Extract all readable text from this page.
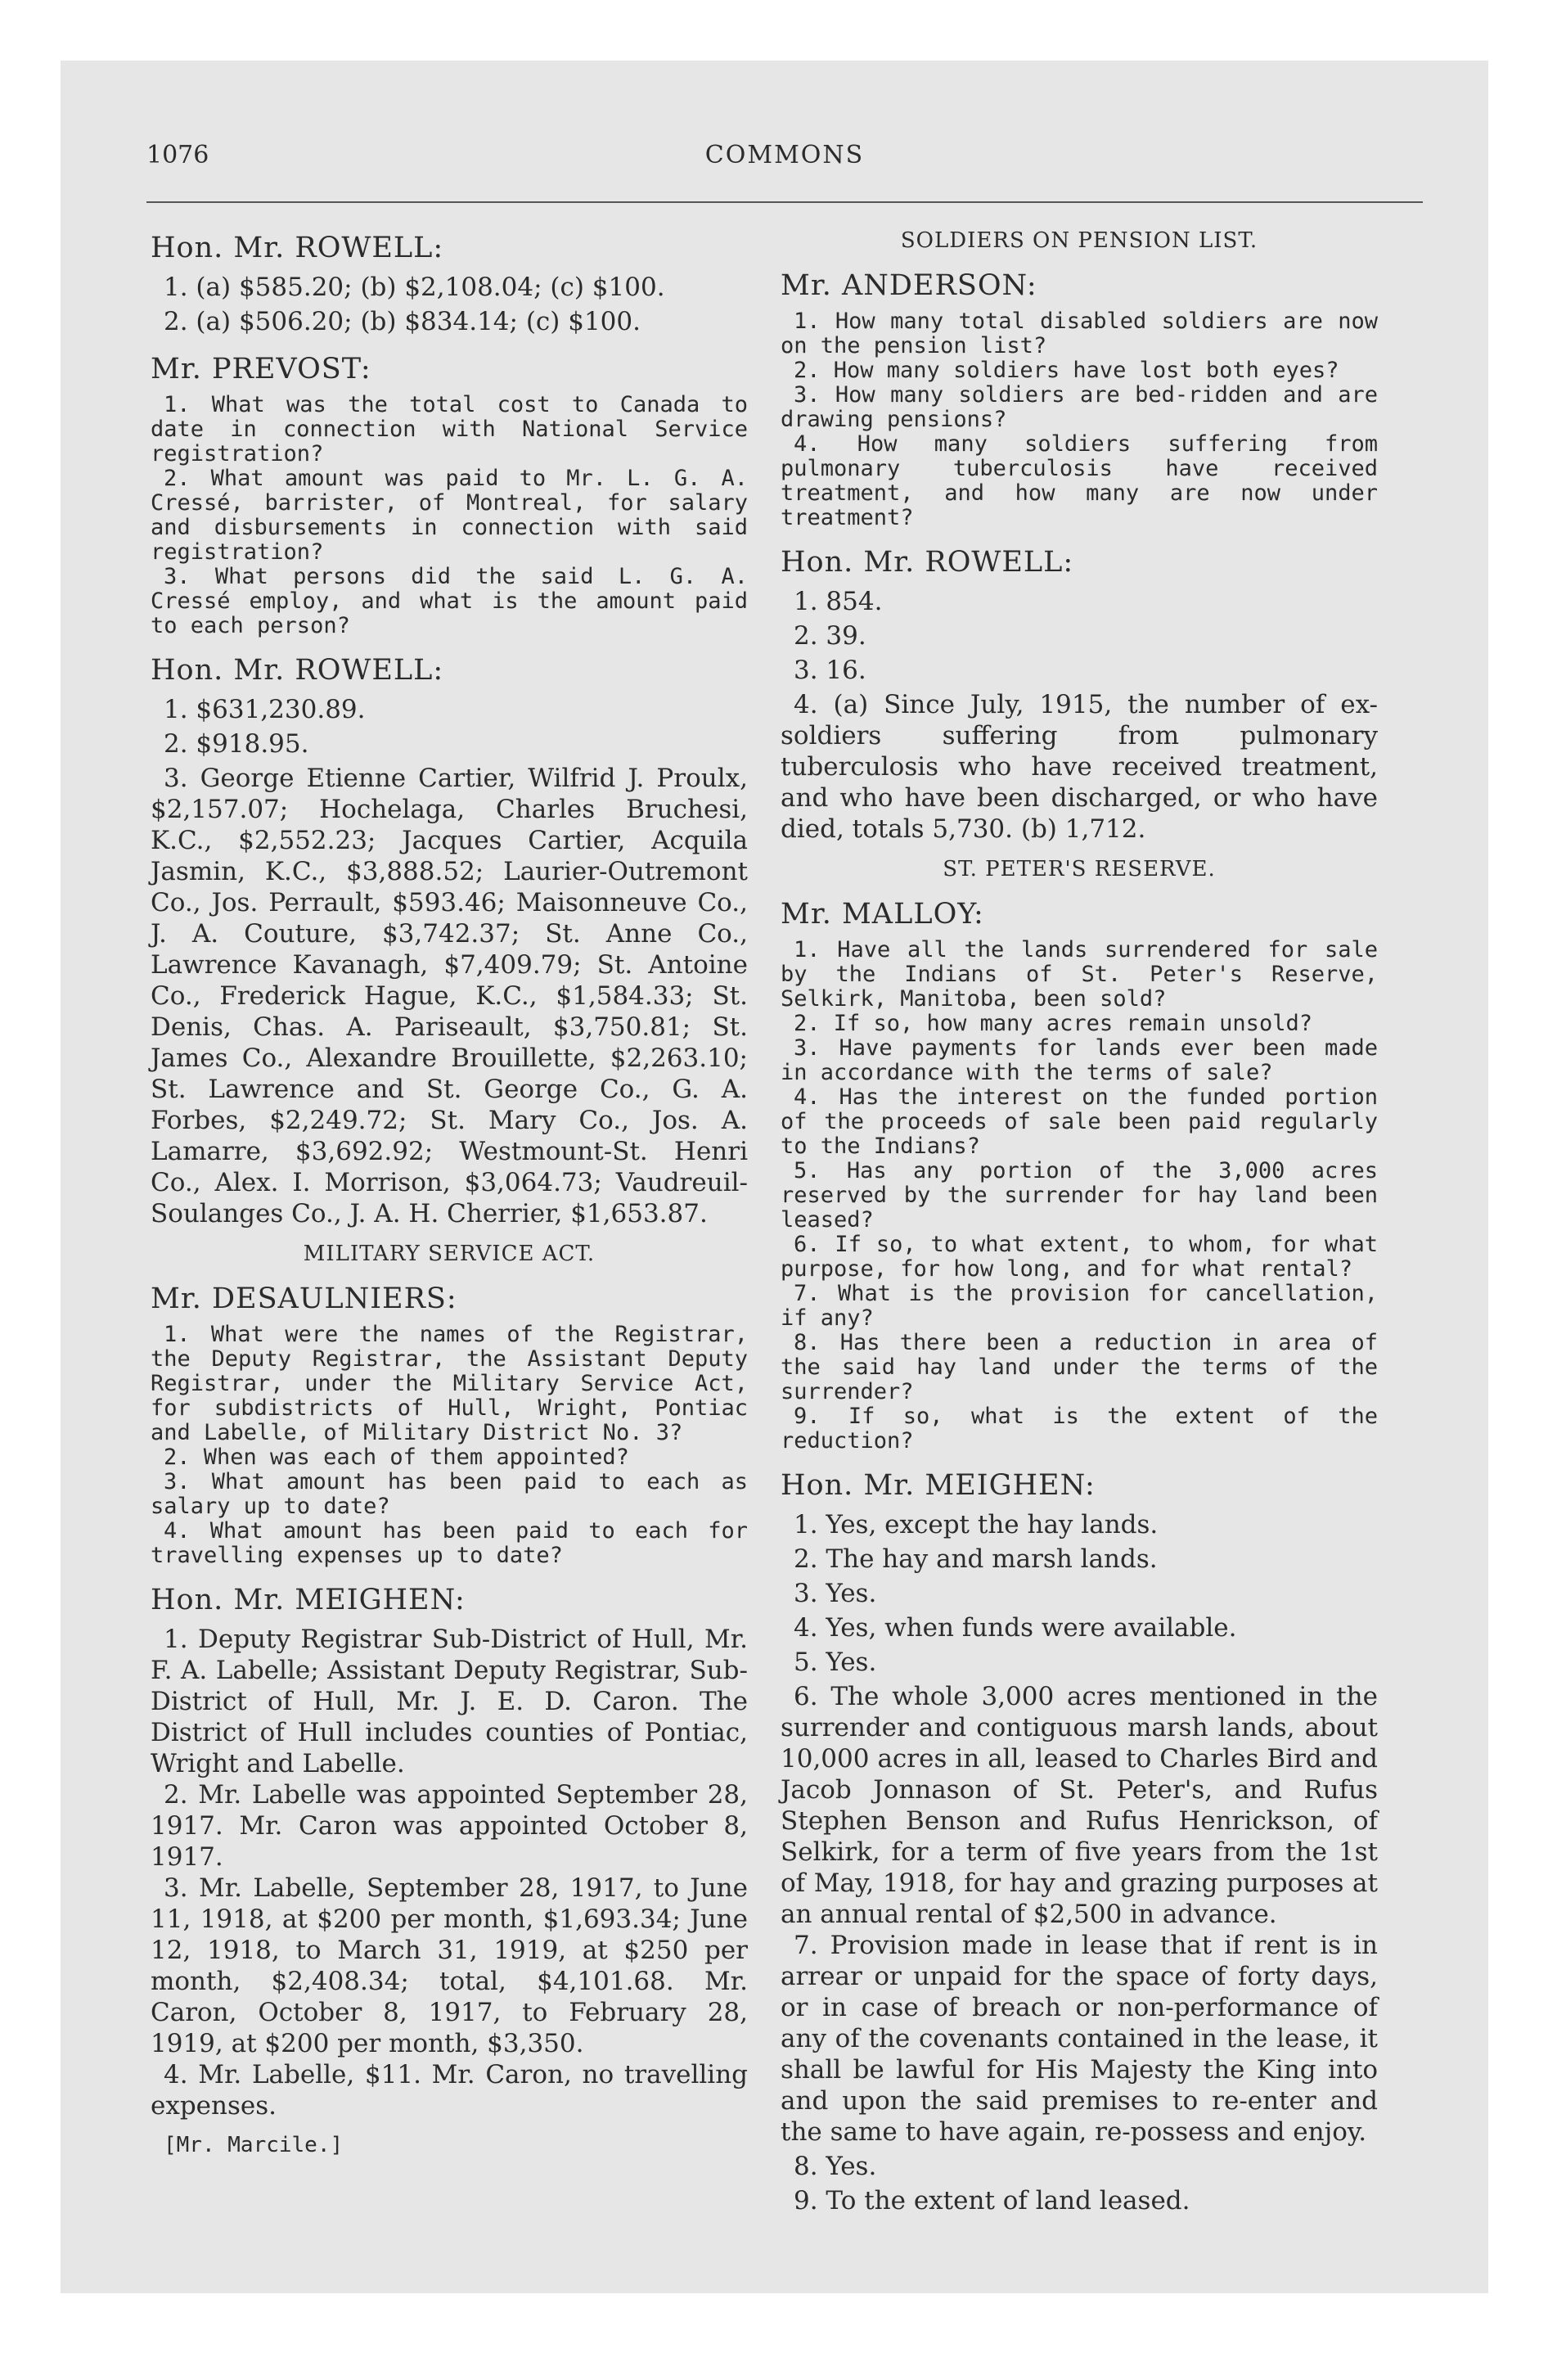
1076	COMMONS
Hon. Mr. ROWELL:

1. (a) $585.20; (b) $2,108.04; (c) $100.

2. (a) $506.20; (b) $834.14; (c) $100.

Mr. PREVOST:

1. What was the total cost to Canada to date in connection with National Service registration?

2. What amount was paid to Mr. L. G. A. Cressé, barrister, of Montreal, for salary and disbursements in connection with said registration?

3. What persons did the said L. G. A. Cressé employ, and what is the amount paid to each person?

Hon. Mr. ROWELL:

1. $631,230.89.

2. $918.95.

3. George Etienne Cartier, Wilfrid J. Proulx, $2,157.07; Hochelaga, Charles Bruchesi, K.C., $2,552.23; Jacques Cartier, Acquila Jasmin, K.C., $3,888.52; Laurier-Outremont Co., Jos. Perrault, $593.46; Maisonneuve Co., J. A. Couture, $3,742.37; St. Anne Co., Lawrence Kavanagh, $7,409.79; St. Antoine Co., Frederick Hague, K.C., $1,584.33; St. Denis, Chas. A. Pariseault, $3,750.81; St. James Co., Alexandre Brouillette, $2,263.10; St. Lawrence and St. George Co., G. A. Forbes, $2,249.72; St. Mary Co., Jos. A. Lamarre, $3,692.92; Westmount-St. Henri Co., Alex. I. Morrison, $3,064.73; Vaudreuil-Soulanges Co., J. A. H. Cherrier, $1,653.87.

MILITARY SERVICE ACT.
Mr. DESAULNIERS:

1. What were the names of the Registrar, the Deputy Registrar, the Assistant Deputy Registrar, under the Military Service Act, for subdistricts of Hull, Wright, Pontiac and Labelle, of Military District No. 3?

2. When was each of them appointed?

3. What amount has been paid to each as salary up to date?

4. What amount has been paid to each for travelling expenses up to date?

Hon. Mr. MEIGHEN:

1. Deputy Registrar Sub-District of Hull, Mr. F. A. Labelle; Assistant Deputy Registrar, Sub-District of Hull, Mr. J. E. D. Caron. The District of Hull includes counties of Pontiac, Wright and Labelle.

2. Mr. Labelle was appointed September 28, 1917. Mr. Caron was appointed October 8, 1917.

3. Mr. Labelle, September 28, 1917, to June 11, 1918, at $200 per month, $1,693.34; June 12, 1918, to March 31, 1919, at $250 per month, $2,408.34; total, $4,101.68. Mr. Caron, October 8, 1917, to February 28, 1919, at $200 per month, $3,350.

4. Mr. Labelle, $11. Mr. Caron, no travelling expenses.

[Mr. Marcile.]

SOLDIERS ON PENSION LIST.
Mr. ANDERSON:

1. How many total disabled soldiers are now on the pension list?

2. How many soldiers have lost both eyes?

3. How many soldiers are bed-ridden and are drawing pensions?

4. How many soldiers suffering from pulmonary tuberculosis have received treatment, and how many are now under treatment?

Hon. Mr. ROWELL:

1. 854.

2. 39.

3. 16.

4. (a) Since July, 1915, the number of ex-soldiers suffering from pulmonary tuberculosis who have received treatment, and who have been discharged, or who have died, totals 5,730. (b) 1,712.

ST. PETER'S RESERVE.
Mr. MALLOY:

1. Have all the lands surrendered for sale by the Indians of St. Peter's Reserve, Selkirk, Manitoba, been sold?

2. If so, how many acres remain unsold?

3. Have payments for lands ever been made in accordance with the terms of sale?

4. Has the interest on the funded portion of the proceeds of sale been paid regularly to the Indians?

5. Has any portion of the 3,000 acres reserved by the surrender for hay land been leased?

6. If so, to what extent, to whom, for what purpose, for how long, and for what rental?

7. What is the provision for cancellation, if any?

8. Has there been a reduction in area of the said hay land under the terms of the surrender?

9. If so, what is the extent of the reduction?

Hon. Mr. MEIGHEN:

1. Yes, except the hay lands.

2. The hay and marsh lands.

3. Yes.

4. Yes, when funds were available.

5. Yes.

6. The whole 3,000 acres mentioned in the surrender and contiguous marsh lands, about 10,000 acres in all, leased to Charles Bird and Jacob Jonnason of St. Peter's, and Rufus Stephen Benson and Rufus Henrickson, of Selkirk, for a term of five years from the 1st of May, 1918, for hay and grazing purposes at an annual rental of $2,500 in advance.

7. Provision made in lease that if rent is in arrear or unpaid for the space of forty days, or in case of breach or non-performance of any of the covenants contained in the lease, it shall be lawful for His Majesty the King into and upon the said premises to re-enter and the same to have again, re-possess and enjoy.

8. Yes.

9. To the extent of land leased.
